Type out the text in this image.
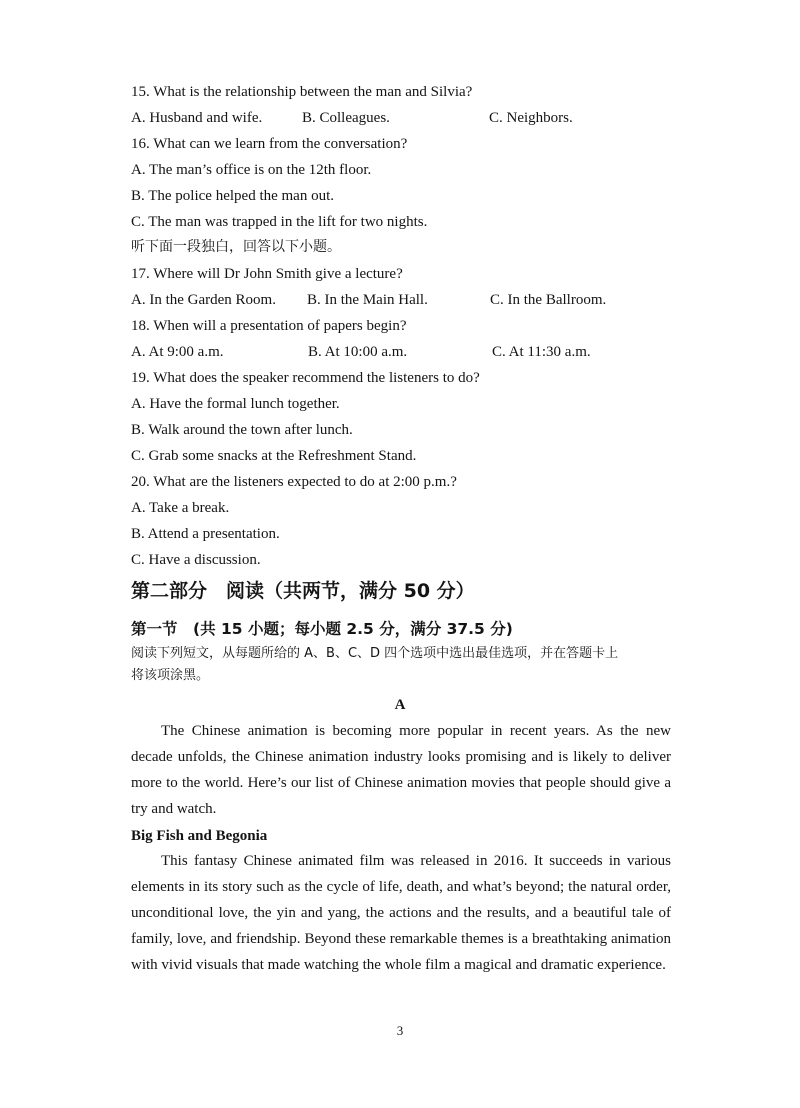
15. What is the relationship between the man and Silvia?
A. Husband and wife.	B. Colleagues.	C. Neighbors.
16. What can we learn from the conversation?
A. The man’s office is on the 12th floor.
B. The police helped the man out.
C. The man was trapped in the lift for two nights.
听下面一段独白，回答以下小题。
17. Where will Dr John Smith give a lecture?
A. In the Garden Room. B. In the Main Hall.	C. In the Ballroom.
18. When will a presentation of papers begin?
A. At 9:00 a.m.	B. At 10:00 a.m.	C. At 11:30 a.m.
19. What does the speaker recommend the listeners to do?
A. Have the formal lunch together.
B. Walk around the town after lunch.
C. Grab some snacks at the Refreshment Stand.
20. What are the listeners expected to do at 2:00 p.m.?
A. Take a break.
B. Attend a presentation.
C. Have a discussion.
第二部分　阅读（共两节，满分 50 分）
第一节　(共 15 小题；每小题 2.5 分，满分 37.5 分)
阅读下列短文，从每题所给的 A、B、C、D 四个选项中选出最佳选项，并在答题卡上
将该项涂黑。
A

The Chinese animation is becoming more popular in recent years. As the new decade unfolds, the Chinese animation industry looks promising and is likely to deliver more to the world. Here’s our list of Chinese animation movies that people should give a try and watch.

Big Fish and Begonia

This fantasy Chinese animated film was released in 2016. It succeeds in various elements in its story such as the cycle of life, death, and what’s beyond; the natural order, unconditional love, the yin and yang, the actions and the results, and a beautiful tale of family, love, and friendship. Beyond these remarkable themes is a breathtaking animation with vivid visuals that made watching the whole film a magical and dramatic experience.

3
